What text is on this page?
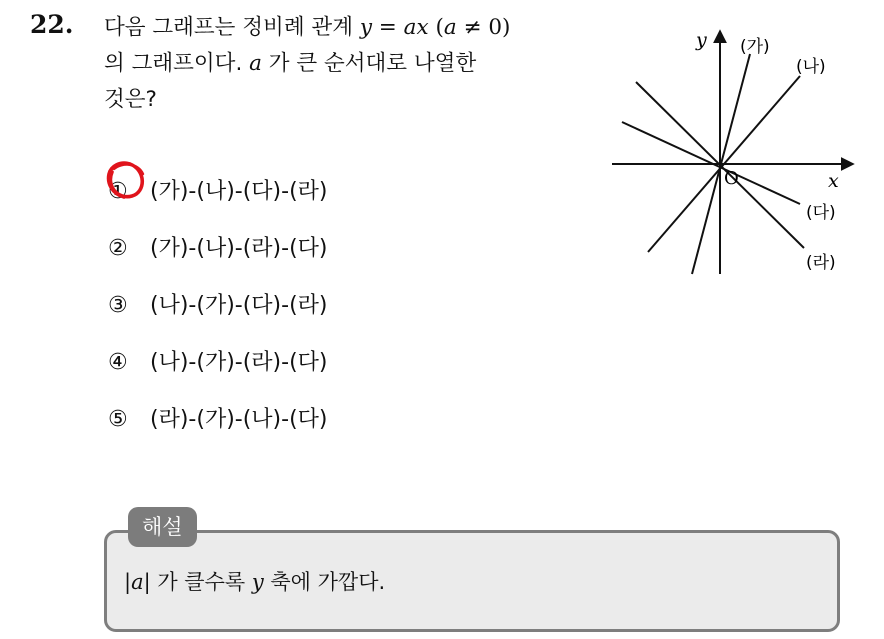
22. 다음 그래프는 정비례 관계 y = ax (a ≠ 0)
의 그래프이다. a 가 큰 순서대로 나열한
것은?
①	(가)-(나)-(다)-(라)
②	(가)-(나)-(라)-(다)
③	(나)-(가)-(다)-(라)
④	(나)-(가)-(라)-(다)
⑤	(라)-(가)-(나)-(다)
y
x
O
(가)
(나)
(다)
(라)
해설
|a| 가 클수록 y 축에 가깝다.
